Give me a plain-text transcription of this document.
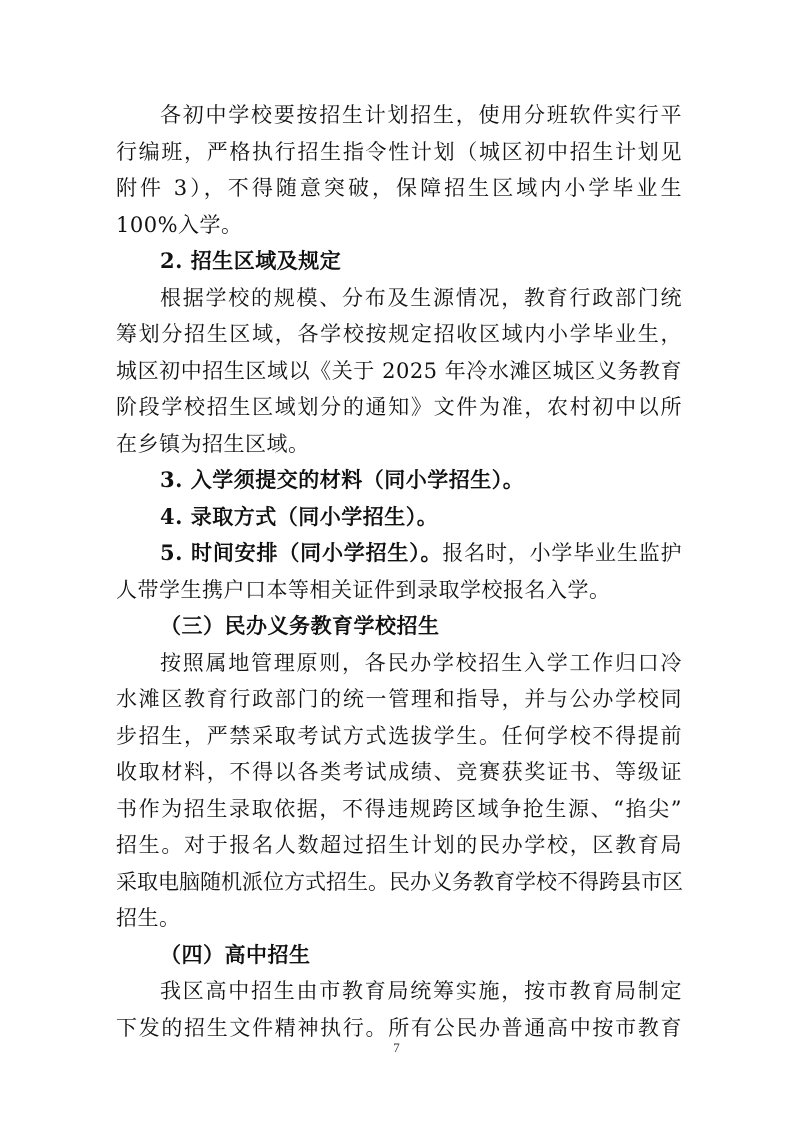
各初中学校要按招生计划招生，使用分班软件实行平
行编班，严格执行招生指令性计划（城区初中招生计划见
附件 3），不得随意突破，保障招生区域内小学毕业生
100%入学。
2. 招生区域及规定
根据学校的规模、分布及生源情况，教育行政部门统
筹划分招生区域，各学校按规定招收区域内小学毕业生，
城区初中招生区域以《关于 2025 年冷水滩区城区义务教育
阶段学校招生区域划分的通知》文件为准，农村初中以所
在乡镇为招生区域。
3. 入学须提交的材料（同小学招生）。
4. 录取方式（同小学招生）。
5. 时间安排（同小学招生）。报名时，小学毕业生监护
人带学生携户口本等相关证件到录取学校报名入学。
（三）民办义务教育学校招生
按照属地管理原则，各民办学校招生入学工作归口冷
水滩区教育行政部门的统一管理和指导，并与公办学校同
步招生，严禁采取考试方式选拔学生。任何学校不得提前
收取材料，不得以各类考试成绩、竞赛获奖证书、等级证
书作为招生录取依据，不得违规跨区域争抢生源、“掐尖”
招生。对于报名人数超过招生计划的民办学校，区教育局
采取电脑随机派位方式招生。民办义务教育学校不得跨县市区
招生。
（四）高中招生
我区高中招生由市教育局统筹实施，按市教育局制定
下发的招生文件精神执行。所有公民办普通高中按市教育
7
